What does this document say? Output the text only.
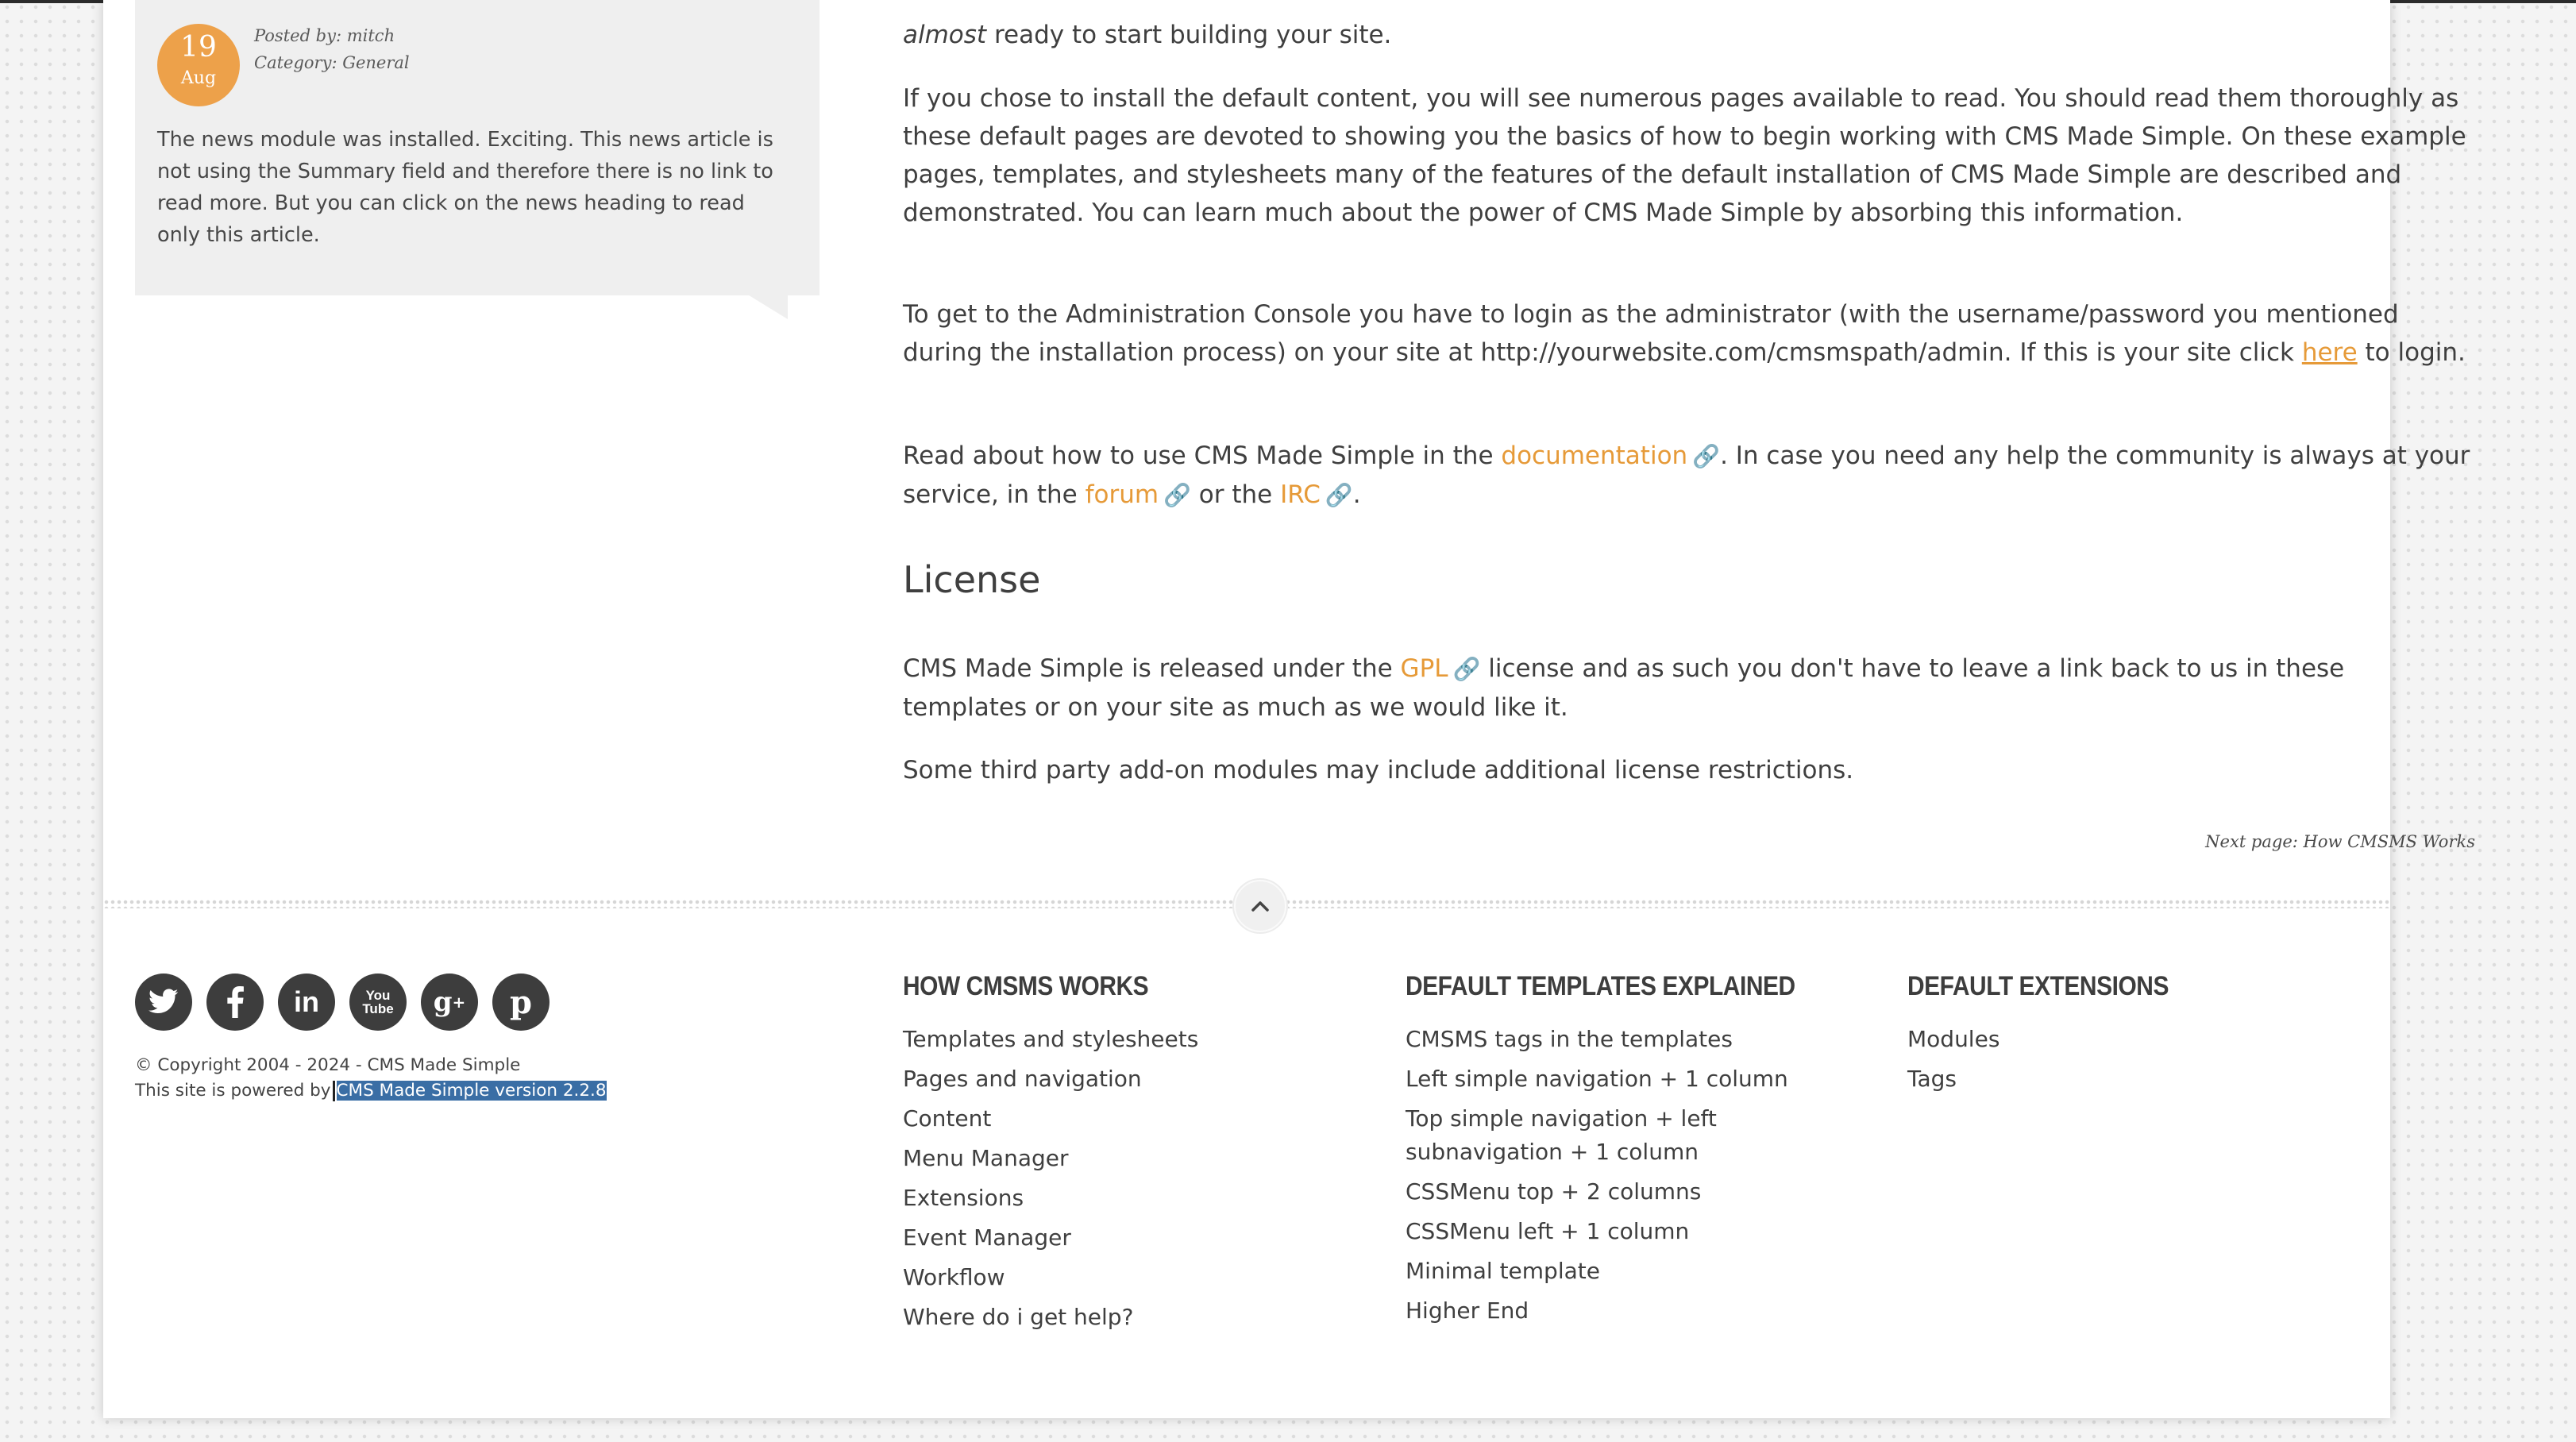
19
Aug
Posted by: mitch
Category: General
The news module was installed. Exciting. This news article is not using the Summary field and therefore there is no link to read more. But you can click on the news heading to read only this article.

almost ready to start building your site.

If you chose to install the default content, you will see numerous pages available to read. You should read them thoroughly as these default pages are devoted to showing you the basics of how to begin working with CMS Made Simple. On these example pages, templates, and stylesheets many of the features of the default installation of CMS Made Simple are described and demonstrated. You can learn much about the power of CMS Made Simple by absorbing this information.

To get to the Administration Console you have to login as the administrator (with the username/password you mentioned during the installation process) on your site at http://yourwebsite.com/cmsmspath/admin. If this is your site click here to login.

Read about how to use CMS Made Simple in the documentation 🔗. In case you need any help the community is always at your service, in the forum 🔗 or the IRC 🔗.

License

CMS Made Simple is released under the GPL 🔗 license and as such you don't have to leave a link back to us in these templates or on your site as much as we would like it.

Some third party add-on modules may include additional license restrictions.

Next page: How CMSMS Works
in	You
Tube	g +	p
© Copyright 2004 - 2024 - CMS Made Simple
This site is powered by CMS Made Simple version 2.2.8
HOW CMSMS WORKS
Templates and stylesheets
Pages and navigation
Content
Menu Manager
Extensions
Event Manager
Workflow
Where do i get help?
DEFAULT TEMPLATES EXPLAINED
CMSMS tags in the templates
Left simple navigation + 1 column
Top simple navigation + left subnavigation + 1 column
CSSMenu top + 2 columns
CSSMenu left + 1 column
Minimal template
Higher End
DEFAULT EXTENSIONS
Modules
Tags
